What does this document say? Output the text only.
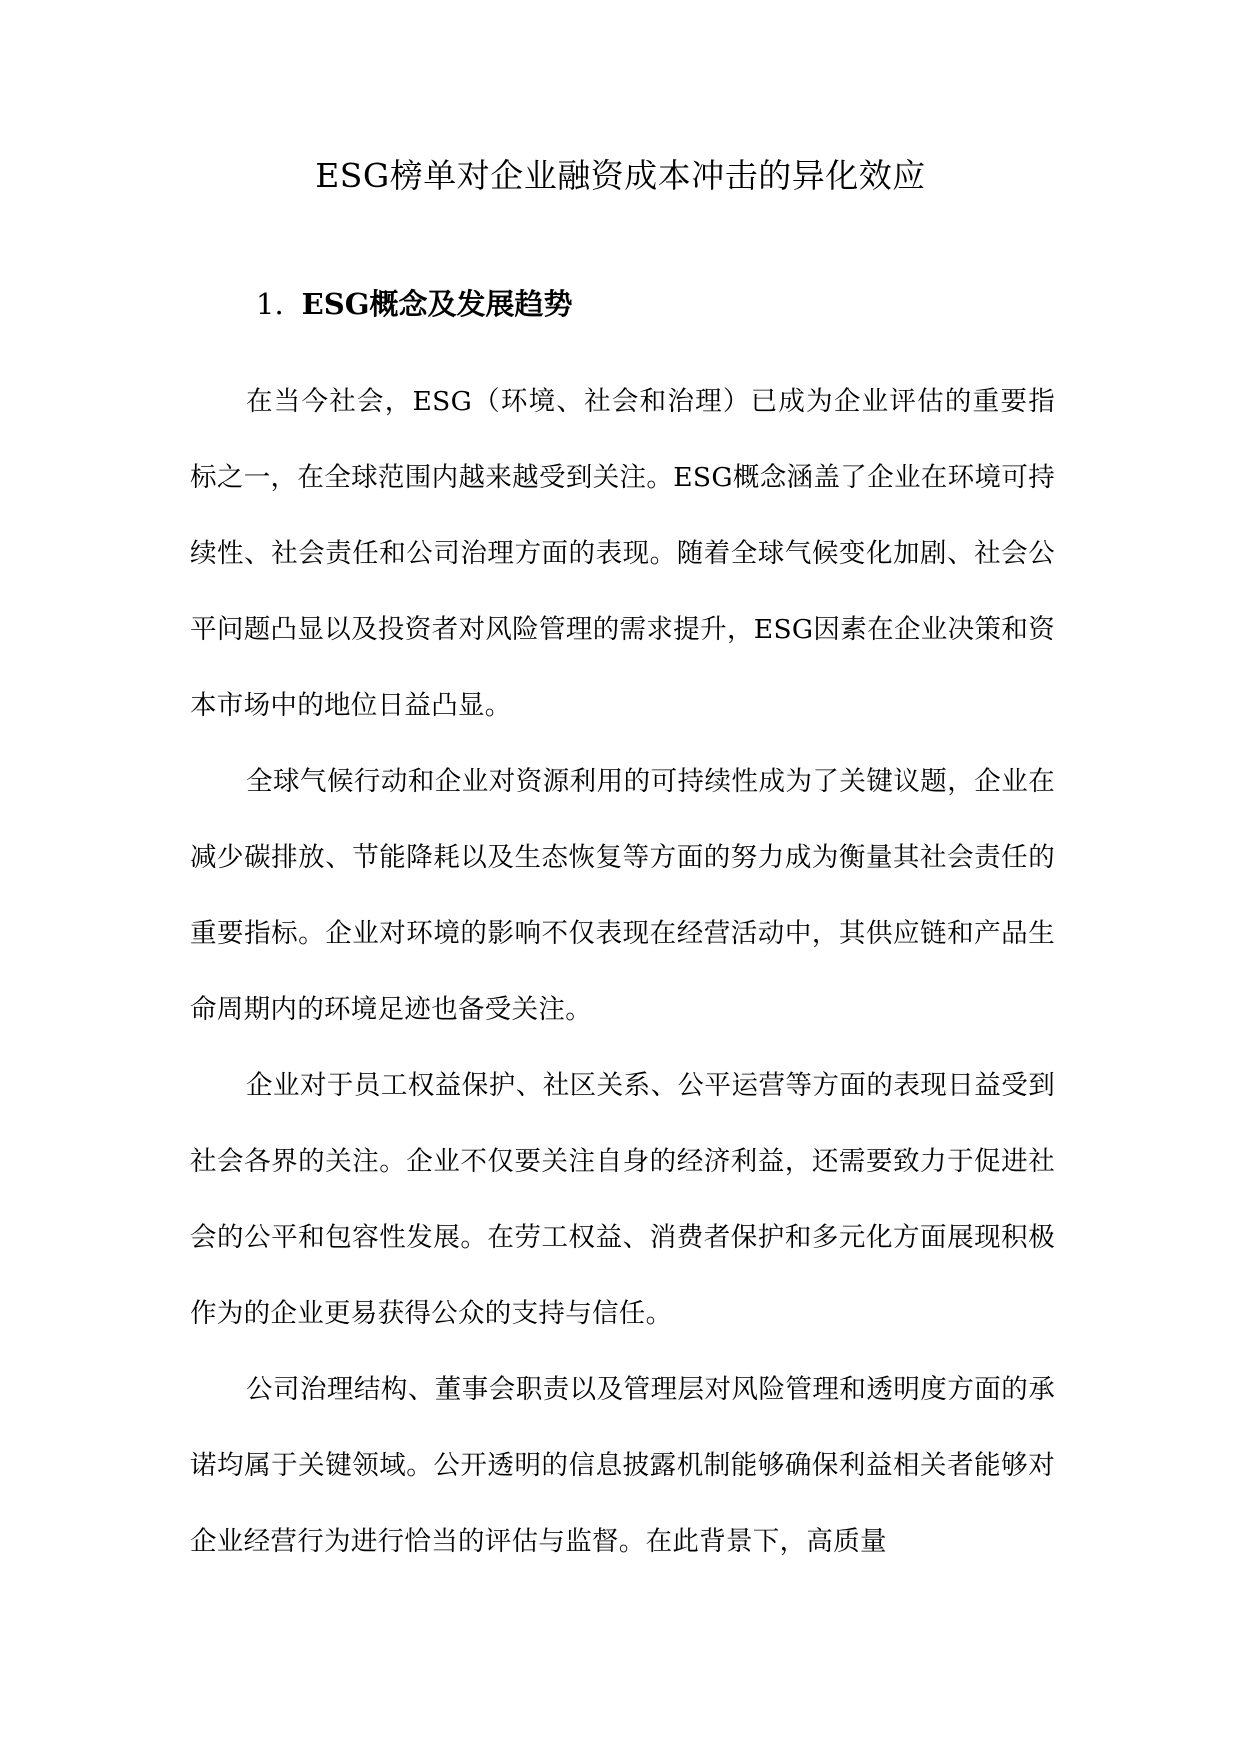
ESG榜单对企业融资成本冲击的异化效应
1. ESG概念及发展趋势

在当今社会，ESG（环境、社会和治理）已成为企业评估的重要指标之一，在全球范围内越来越受到关注。ESG概念涵盖了企业在环境可持续性、社会责任和公司治理方面的表现。随着全球气候变化加剧、社会公平问题凸显以及投资者对风险管理的需求提升，ESG因素在企业决策和资本市场中的地位日益凸显。

全球气候行动和企业对资源利用的可持续性成为了关键议题，企业在减少碳排放、节能降耗以及生态恢复等方面的努力成为衡量其社会责任的重要指标。企业对环境的影响不仅表现在经营活动中，其供应链和产品生命周期内的环境足迹也备受关注。

企业对于员工权益保护、社区关系、公平运营等方面的表现日益受到社会各界的关注。企业不仅要关注自身的经济利益，还需要致力于促进社会的公平和包容性发展。在劳工权益、消费者保护和多元化方面展现积极作为的企业更易获得公众的支持与信任。

公司治理结构、董事会职责以及管理层对风险管理和透明度方面的承诺均属于关键领域。公开透明的信息披露机制能够确保利益相关者能够对企业经营行为进行恰当的评估与监督。在此背景下，高质量
